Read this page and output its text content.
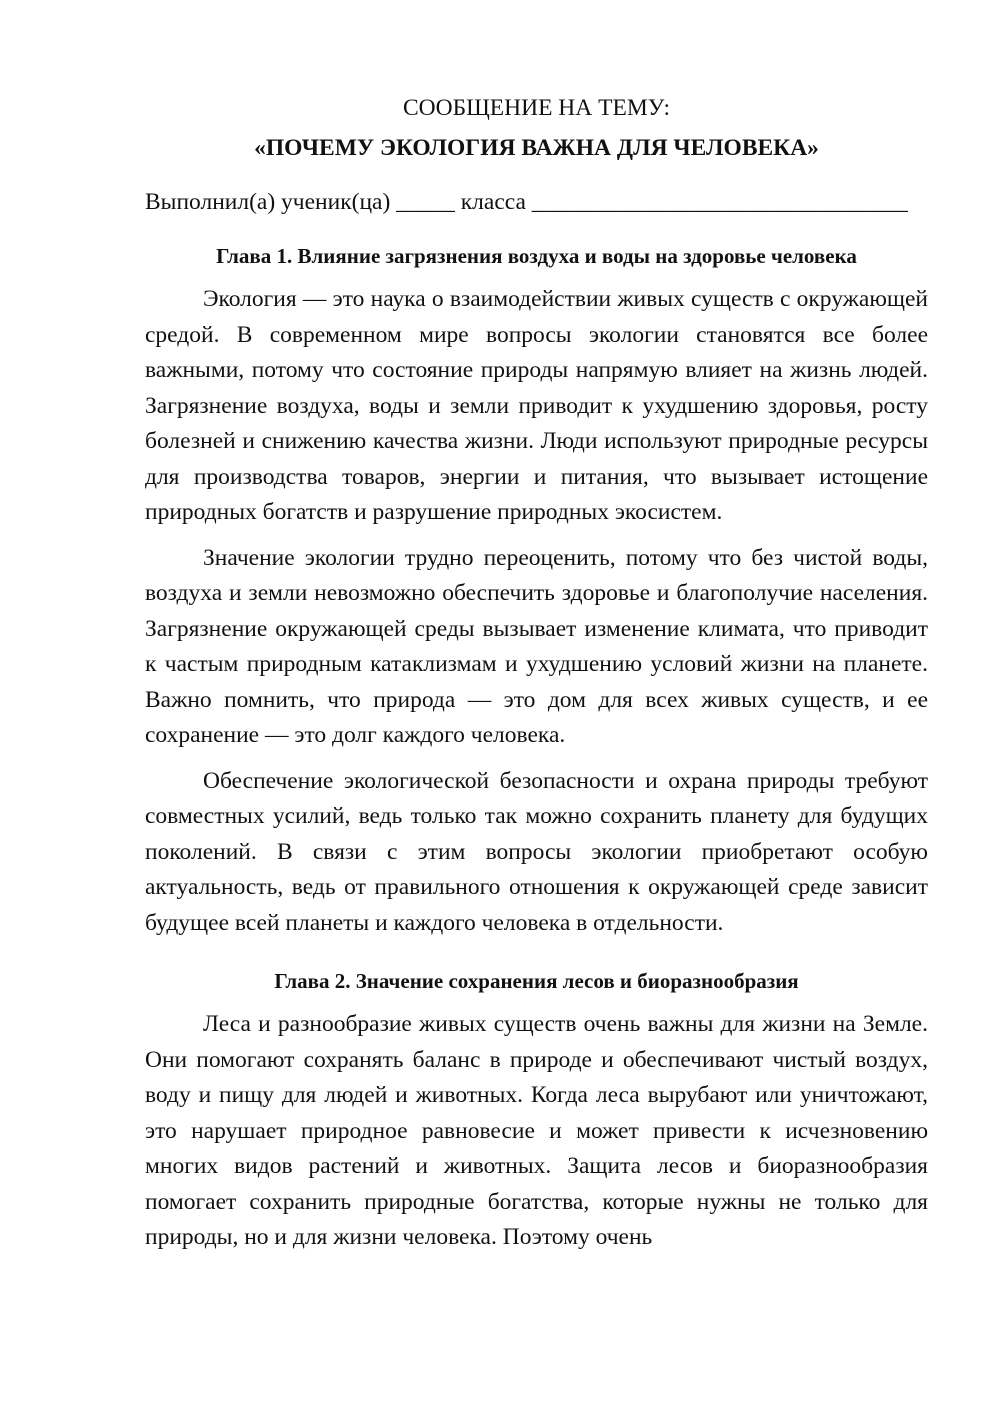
СООБЩЕНИЕ НА ТЕМУ:

«ПОЧЕМУ ЭКОЛОГИЯ ВАЖНА ДЛЯ ЧЕЛОВЕКА»

Выполнил(а) ученик(ца) _____ класса ________________________________

Глава 1. Влияние загрязнения воздуха и воды на здоровье человека

Экология — это наука о взаимодействии живых существ с окружающей средой. В современном мире вопросы экологии становятся все более важными, потому что состояние природы напрямую влияет на жизнь людей. Загрязнение воздуха, воды и земли приводит к ухудшению здоровья, росту болезней и снижению качества жизни. Люди используют природные ресурсы для производства товаров, энергии и питания, что вызывает истощение природных богатств и разрушение природных экосистем.

Значение экологии трудно переоценить, потому что без чистой воды, воздуха и земли невозможно обеспечить здоровье и благополучие населения. Загрязнение окружающей среды вызывает изменение климата, что приводит к частым природным катаклизмам и ухудшению условий жизни на планете. Важно помнить, что природа — это дом для всех живых существ, и ее сохранение — это долг каждого человека.

Обеспечение экологической безопасности и охрана природы требуют совместных усилий, ведь только так можно сохранить планету для будущих поколений. В связи с этим вопросы экологии приобретают особую актуальность, ведь от правильного отношения к окружающей среде зависит будущее всей планеты и каждого человека в отдельности.

Глава 2. Значение сохранения лесов и биоразнообразия

Леса и разнообразие живых существ очень важны для жизни на Земле. Они помогают сохранять баланс в природе и обеспечивают чистый воздух, воду и пищу для людей и животных. Когда леса вырубают или уничтожают, это нарушает природное равновесие и может привести к исчезновению многих видов растений и животных. Защита лесов и биоразнообразия помогает сохранить природные богатства, которые нужны не только для природы, но и для жизни человека. Поэтому очень
